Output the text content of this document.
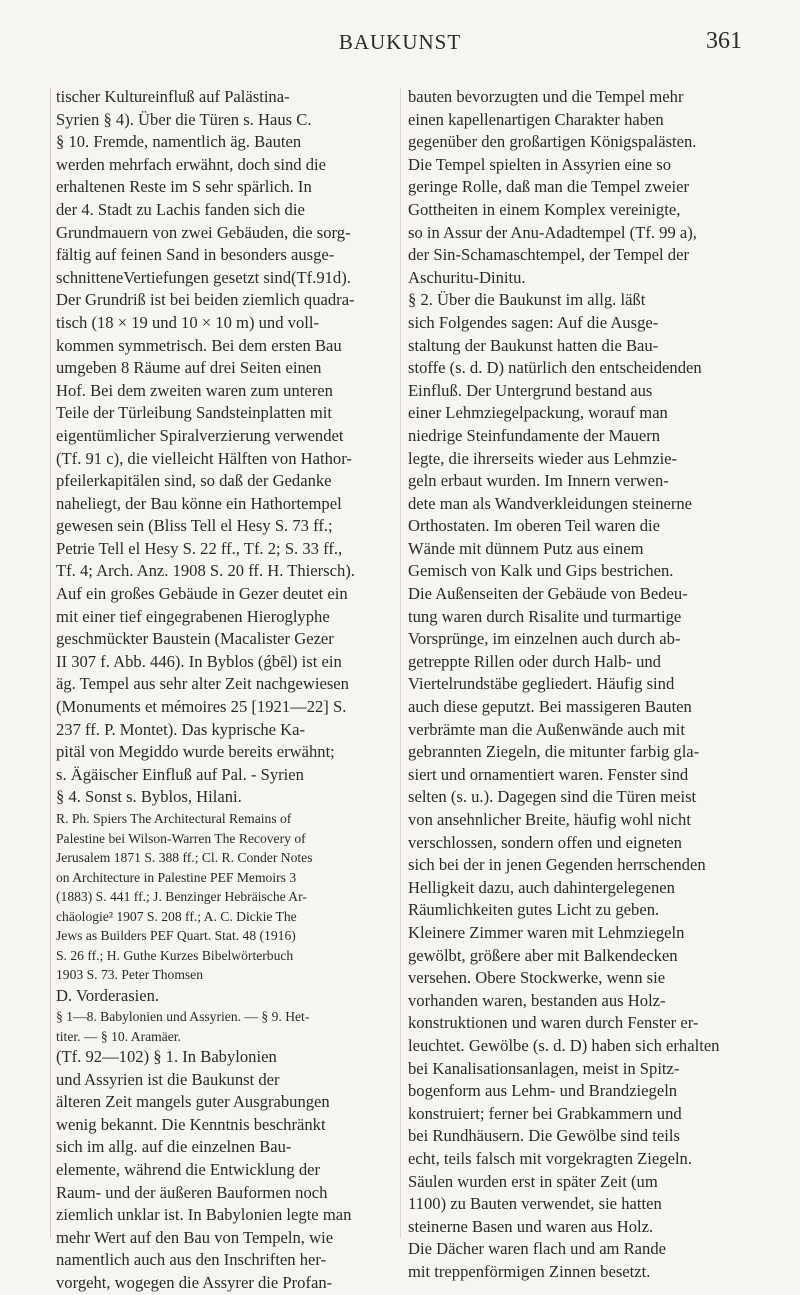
BAUKUNST	361
tischer Kultureinfluß auf Palästina-
Syrien § 4). Über die Türen s. Haus C.
§ 10. Fremde, namentlich äg. Bauten
werden mehrfach erwähnt, doch sind die
erhaltenen Reste im S sehr spärlich. In
der 4. Stadt zu Lachis fanden sich die
Grundmauern von zwei Gebäuden, die sorg-
fältig auf feinen Sand in besonders ausge-
schnitteneVertiefungen gesetzt sind(Tf.91d).
Der Grundriß ist bei beiden ziemlich quadra-
tisch (18 × 19 und 10 × 10 m) und voll-
kommen symmetrisch. Bei dem ersten Bau
umgeben 8 Räume auf drei Seiten einen
Hof. Bei dem zweiten waren zum unteren
Teile der Türleibung Sandsteinplatten mit
eigentümlicher Spiralverzierung verwendet
(Tf. 91 c), die vielleicht Hälften von Hathor-
pfeilerkapitälen sind, so daß der Gedanke
naheliegt, der Bau könne ein Hathortempel
gewesen sein (Bliss Tell el Hesy S. 73 ff.;
Petrie Tell el Hesy S. 22 ff., Tf. 2; S. 33 ff.,
Tf. 4; Arch. Anz. 1908 S. 20 ff. H. Thiersch).
Auf ein großes Gebäude in Gezer deutet ein
mit einer tief eingegrabenen Hieroglyphe
geschmückter Baustein (Macalister Gezer
II 307 f. Abb. 446). In Byblos (ǵbēl) ist ein
äg. Tempel aus sehr alter Zeit nachgewiesen
(Monuments et mémoires 25 [1921—22] S.
237 ff. P. Montet). Das kyprische Ka-
pitäl von Megiddo wurde bereits erwähnt;
s. Ägäischer Einfluß auf Pal. - Syrien
§ 4. Sonst s. Byblos, Hilani.
R. Ph. Spiers The Architectural Remains of
Palestine bei Wilson-Warren The Recovery of
Jerusalem 1871 S. 388 ff.; Cl. R. Conder Notes
on Architecture in Palestine PEF Memoirs 3
(1883) S. 441 ff.; J. Benzinger Hebräische Ar-
chäologie² 1907 S. 208 ff.; A. C. Dickie The
Jews as Builders PEF Quart. Stat. 48 (1916)
S. 26 ff.; H. Guthe Kurzes Bibelwörterbuch
1903 S. 73. Peter Thomsen
D. Vorderasien.
§ 1—8. Babylonien und Assyrien. — § 9. Het-
titer. — § 10. Aramäer.
(Tf. 92—102) § 1. In Babylonien
und Assyrien ist die Baukunst der
älteren Zeit mangels guter Ausgrabungen
wenig bekannt. Die Kenntnis beschränkt
sich im allg. auf die einzelnen Bau-
elemente, während die Entwicklung der
Raum- und der äußeren Bauformen noch
ziemlich unklar ist. In Babylonien legte man
mehr Wert auf den Bau von Tempeln, wie
namentlich auch aus den Inschriften her-
vorgeht, wogegen die Assyrer die Profan-
bauten bevorzugten und die Tempel mehr
einen kapellenartigen Charakter haben
gegenüber den großartigen Königspalästen.
Die Tempel spielten in Assyrien eine so
geringe Rolle, daß man die Tempel zweier
Gottheiten in einem Komplex vereinigte,
so in Assur der Anu-Adadtempel (Tf. 99 a),
der Sin-Schamaschtempel, der Tempel der
Aschuritu-Dinitu.
§ 2. Über die Baukunst im allg. läßt
sich Folgendes sagen: Auf die Ausge-
staltung der Baukunst hatten die Bau-
stoffe (s. d. D) natürlich den entscheidenden
Einfluß. Der Untergrund bestand aus
einer Lehmziegelpackung, worauf man
niedrige Steinfundamente der Mauern
legte, die ihrerseits wieder aus Lehmzie-
geln erbaut wurden. Im Innern verwen-
dete man als Wandverkleidungen steinerne
Orthostaten. Im oberen Teil waren die
Wände mit dünnem Putz aus einem
Gemisch von Kalk und Gips bestrichen.
Die Außenseiten der Gebäude von Bedeu-
tung waren durch Risalite und turmartige
Vorsprünge, im einzelnen auch durch ab-
getreppte Rillen oder durch Halb- und
Viertelrundstäbe gegliedert. Häufig sind
auch diese geputzt. Bei massigeren Bauten
verbrämte man die Außenwände auch mit
gebrannten Ziegeln, die mitunter farbig gla-
siert und ornamentiert waren. Fenster sind
selten (s. u.). Dagegen sind die Türen meist
von ansehnlicher Breite, häufig wohl nicht
verschlossen, sondern offen und eigneten
sich bei der in jenen Gegenden herrschenden
Helligkeit dazu, auch dahintergelegenen
Räumlichkeiten gutes Licht zu geben.
Kleinere Zimmer waren mit Lehmziegeln
gewölbt, größere aber mit Balkendecken
versehen. Obere Stockwerke, wenn sie
vorhanden waren, bestanden aus Holz-
konstruktionen und waren durch Fenster er-
leuchtet. Gewölbe (s. d. D) haben sich erhalten
bei Kanalisationsanlagen, meist in Spitz-
bogenform aus Lehm- und Brandziegeln
konstruiert; ferner bei Grabkammern und
bei Rundhäusern. Die Gewölbe sind teils
echt, teils falsch mit vorgekragten Ziegeln.
Säulen wurden erst in später Zeit (um
1100) zu Bauten verwendet, sie hatten
steinerne Basen und waren aus Holz.
Die Dächer waren flach und am Rande
mit treppenförmigen Zinnen besetzt.
